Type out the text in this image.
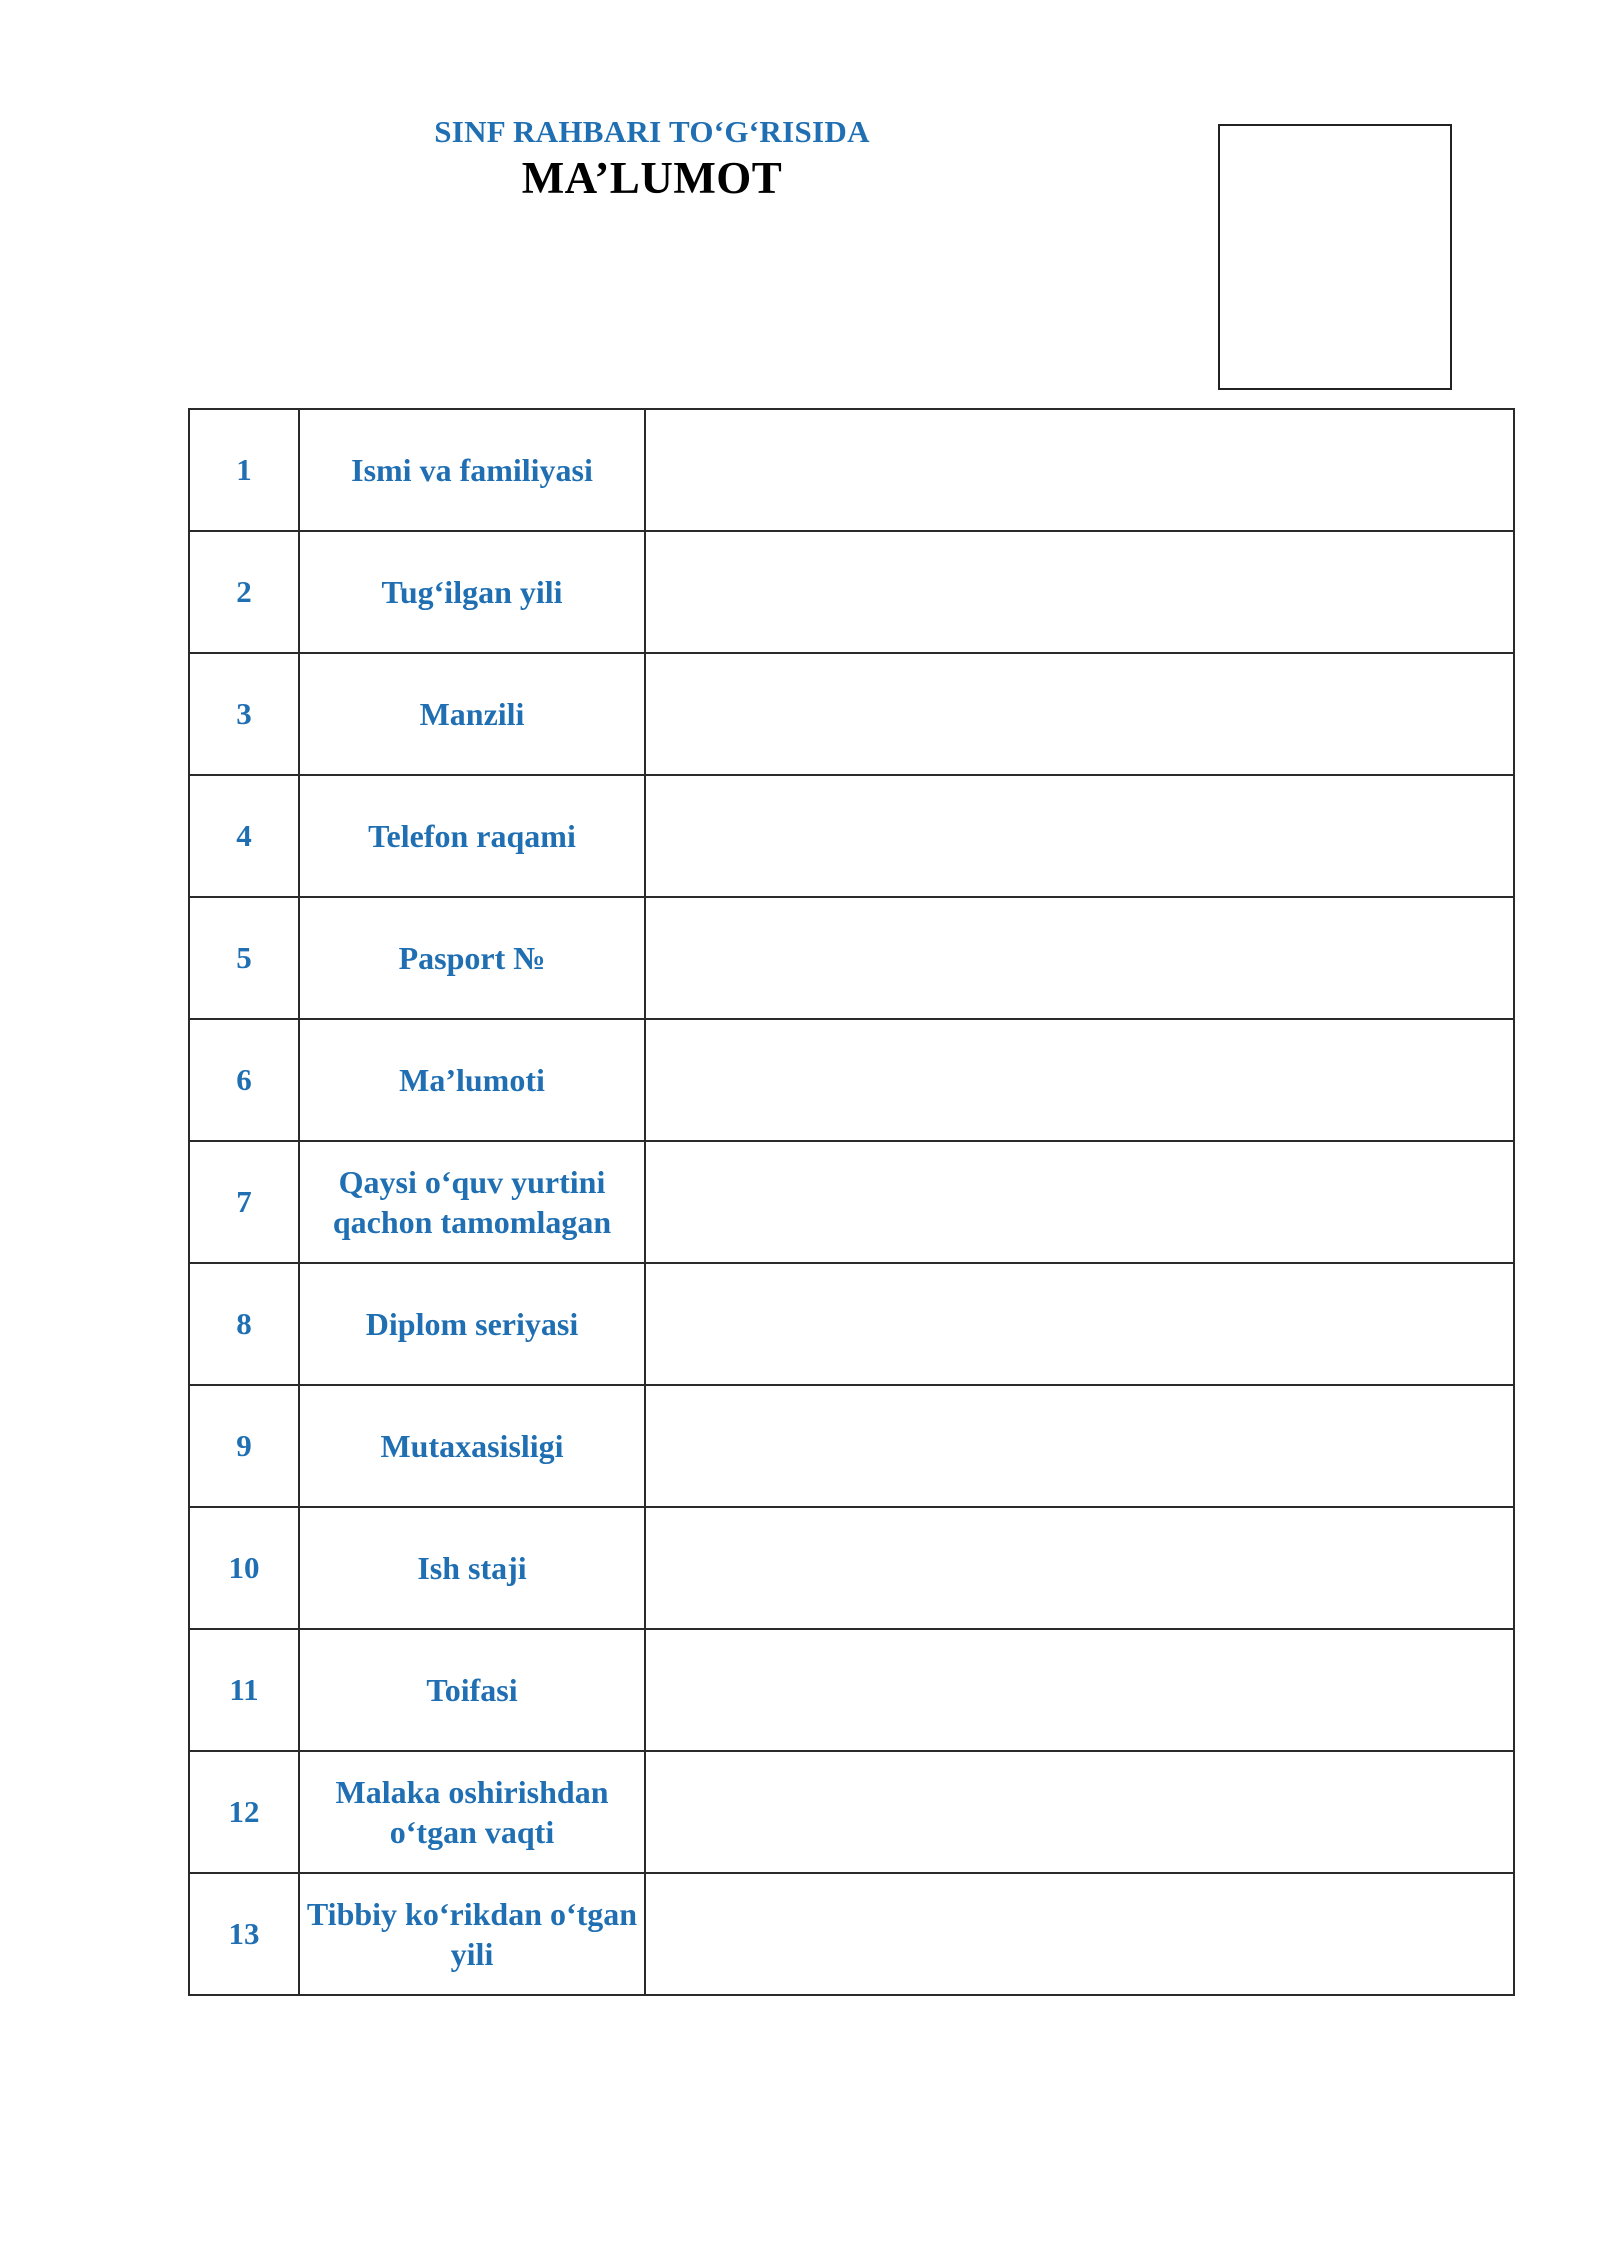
SINF RAHBARI TO‘G‘RISIDA
MA’LUMOT
1	Ismi va familiyasi	
2	Tug‘ilgan yili	
3	Manzili	
4	Telefon raqami	
5	Pasport №	
6	Ma’lumoti	
7	Qaysi o‘quv yurtini qachon tamomlagan	
8	Diplom seriyasi	
9	Mutaxasisligi	
10	Ish staji	
11	Toifasi	
12	Malaka oshirishdan o‘tgan vaqti	
13	Tibbiy ko‘rikdan o‘tgan yili	
